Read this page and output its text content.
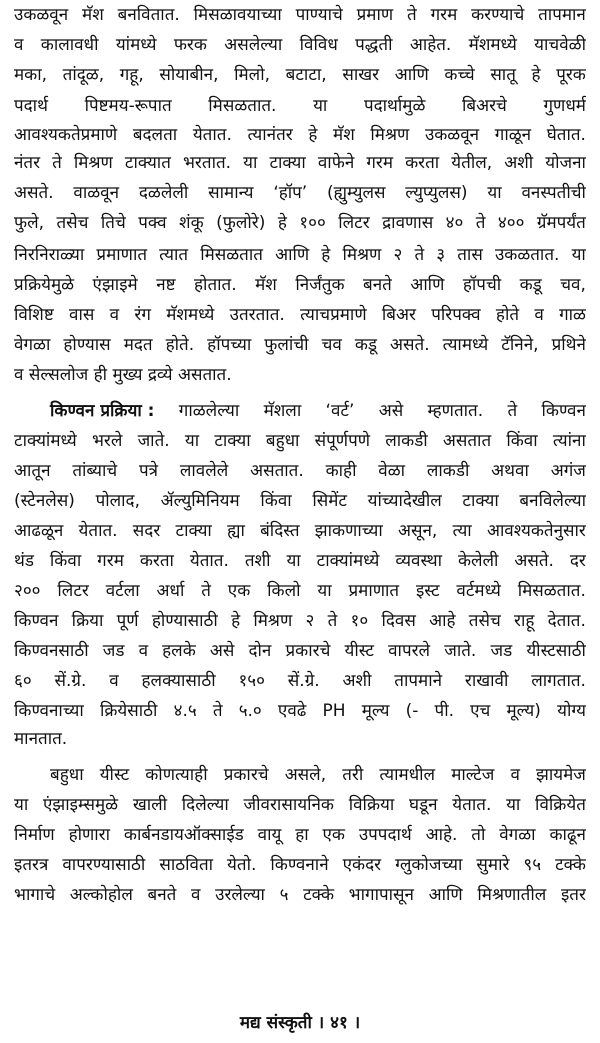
उकळवून मॅश बनवितात. मिसळावयाच्या पाण्याचे प्रमाण ते गरम करण्याचे तापमान
व कालावधी यांमध्ये फरक असलेल्या विविध पद्धती आहेत. मॅशमध्ये याचवेळी
मका, तांदूळ, गहू, सोयाबीन, मिलो, बटाटा, साखर आणि कच्चे सातू हे पूरक
पदार्थ पिष्टमय-रूपात मिसळतात. या पदार्थामुळे बिअरचे गुणधर्म
आवश्यकतेप्रमाणे बदलता येतात. त्यानंतर हे मॅश मिश्रण उकळवून गाळून घेतात.
नंतर ते मिश्रण टाक्यात भरतात. या टाक्या वाफेने गरम करता येतील, अशी योजना
असते. वाळवून दळलेली सामान्य ‘हॉप’ (ह्युम्युलस ल्युप्युलस) या वनस्पतीची
फुले, तसेच तिचे पक्व शंकू (फुलोरे) हे १०० लिटर द्रावणास ४० ते ४०० ग्रॅमपर्यंत
निरनिराळ्या प्रमाणात त्यात मिसळतात आणि हे मिश्रण २ ते ३ तास उकळतात. या
प्रक्रियेमुळे एंझाइमे नष्ट होतात. मॅश निर्जंतुक बनते आणि हॉपची कडू चव,
विशिष्ट वास व रंग मॅशमध्ये उतरतात. त्याचप्रमाणे बिअर परिपक्व होते व गाळ
वेगळा होण्यास मदत होते. हॉपच्या फुलांची चव कडू असते. त्यामध्ये टॅनिने, प्रथिने
व सेल्सलोज ही मुख्य द्रव्ये असतात.
किण्वन प्रक्रिया : गाळलेल्या मॅशला ‘वर्ट’ असे म्हणतात. ते किण्वन
टाक्यांमध्ये भरले जाते. या टाक्या बहुधा संपूर्णपणे लाकडी असतात किंवा त्यांना
आतून तांब्याचे पत्रे लावलेले असतात. काही वेळा लाकडी अथवा अगंज
(स्टेनलेस) पोलाद, ॲल्युमिनियम किंवा सिमेंट यांच्यादेखील टाक्या बनविलेल्या
आढळून येतात. सदर टाक्या ह्या बंदिस्त झाकणाच्या असून, त्या आवश्यकतेनुसार
थंड किंवा गरम करता येतात. तशी या टाक्यांमध्ये व्यवस्था केलेली असते. दर
२०० लिटर वर्टला अर्धा ते एक किलो या प्रमाणात इस्ट वर्टमध्ये मिसळतात.
किण्वन क्रिया पूर्ण होण्यासाठी हे मिश्रण २ ते १० दिवस आहे तसेच राहू देतात.
किण्वनसाठी जड व हलके असे दोन प्रकारचे यीस्ट वापरले जाते. जड यीस्टसाठी
६० सें.ग्रे. व हलक्यासाठी १५० सें.ग्रे. अशी तापमाने राखावी लागतात.
किण्वनाच्या क्रियेसाठी ४.५ ते ५.० एवढे PH मूल्य (- पी. एच मूल्य) योग्य
मानतात.
बहुधा यीस्ट कोणत्याही प्रकारचे असले, तरी त्यामधील माल्टेज व झायमेज
या एंझाइम्समुळे खाली दिलेल्या जीवरासायनिक विक्रिया घडून येतात. या विक्रियेत
निर्माण होणारा कार्बनडायऑक्साईड वायू हा एक उपपदार्थ आहे. तो वेगळा काढून
इतरत्र वापरण्यासाठी साठविता येतो. किण्वनाने एकंदर ग्लुकोजच्या सुमारे ९५ टक्के
भागाचे अल्कोहोल बनते व उरलेल्या ५ टक्के भागापासून आणि मिश्रणातील इतर
मद्य संस्कृती । ४१ ।
